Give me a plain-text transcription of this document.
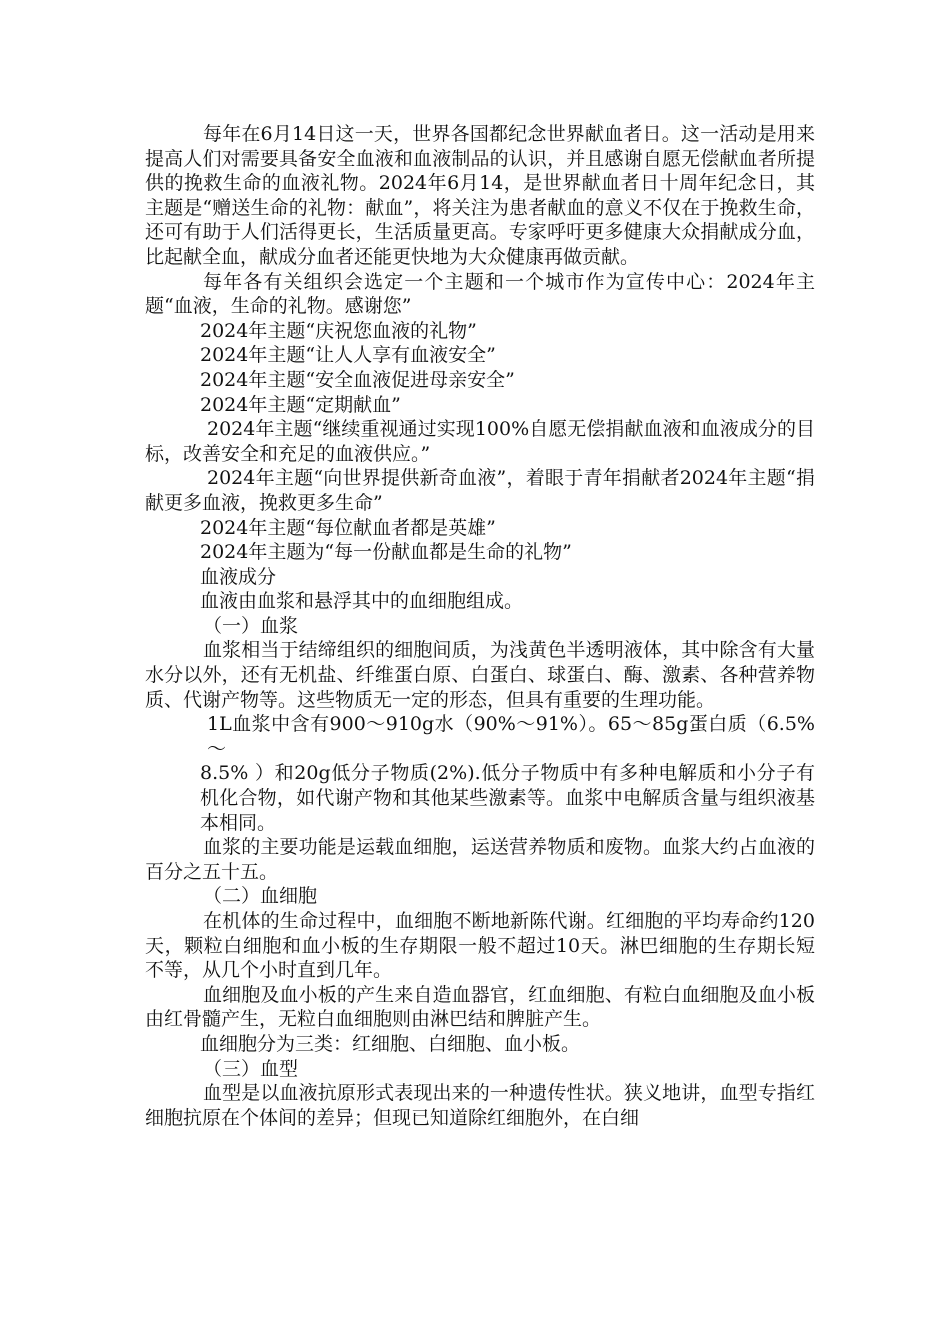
每年在6月14日这一天，世界各国都纪念世界献血者日。这一活动是用来提高人们对需要具备安全血液和血液制品的认识，并且感谢自愿无偿献血者所提供的挽救生命的血液礼物。2024年6月14，是世界献血者日十周年纪念日，其主题是“赠送生命的礼物：献血”，将关注为患者献血的意义不仅在于挽救生命，还可有助于人们活得更长，生活质量更高。专家呼吁更多健康大众捐献成分血，比起献全血，献成分血者还能更快地为大众健康再做贡献。

每年各有关组织会选定一个主题和一个城市作为宣传中心：2024年主题“血液，生命的礼物。感谢您”

2024年主题“庆祝您血液的礼物”

2024年主题“让人人享有血液安全”

2024年主题“安全血液促进母亲安全”

2024年主题“定期献血”

2024年主题“继续重视通过实现100%自愿无偿捐献血液和血液成分的目标，改善安全和充足的血液供应。”

2024年主题“向世界提供新奇血液”，着眼于青年捐献者2024年主题“捐献更多血液，挽救更多生命”

2024年主题“每位献血者都是英雄”

2024年主题为“每一份献血都是生命的礼物”

血液成分

血液由血浆和悬浮其中的血细胞组成。

（一）血浆

血浆相当于结缔组织的细胞间质，为浅黄色半透明液体，其中除含有大量水分以外，还有无机盐、纤维蛋白原、白蛋白、球蛋白、酶、激素、各种营养物质、代谢产物等。这些物质无一定的形态，但具有重要的生理功能。

1L血浆中含有900～910g水（90%～91%）。65～85g蛋白质（6.5%～

8.5% ）和20g低分子物质(2%).低分子物质中有多种电解质和小分子有机化合物，如代谢产物和其他某些激素等。血浆中电解质含量与组织液基本相同。

血浆的主要功能是运载血细胞，运送营养物质和废物。血浆大约占血液的百分之五十五。

（二）血细胞

在机体的生命过程中，血细胞不断地新陈代谢。红细胞的平均寿命约120天，颗粒白细胞和血小板的生存期限一般不超过10天。淋巴细胞的生存期长短不等，从几个小时直到几年。

血细胞及血小板的产生来自造血器官，红血细胞、有粒白血细胞及血小板由红骨髓产生，无粒白血细胞则由淋巴结和脾脏产生。

血细胞分为三类：红细胞、白细胞、血小板。

（三）血型

血型是以血液抗原形式表现出来的一种遗传性状。狭义地讲，血型专指红细胞抗原在个体间的差异；但现已知道除红细胞外，在白细
